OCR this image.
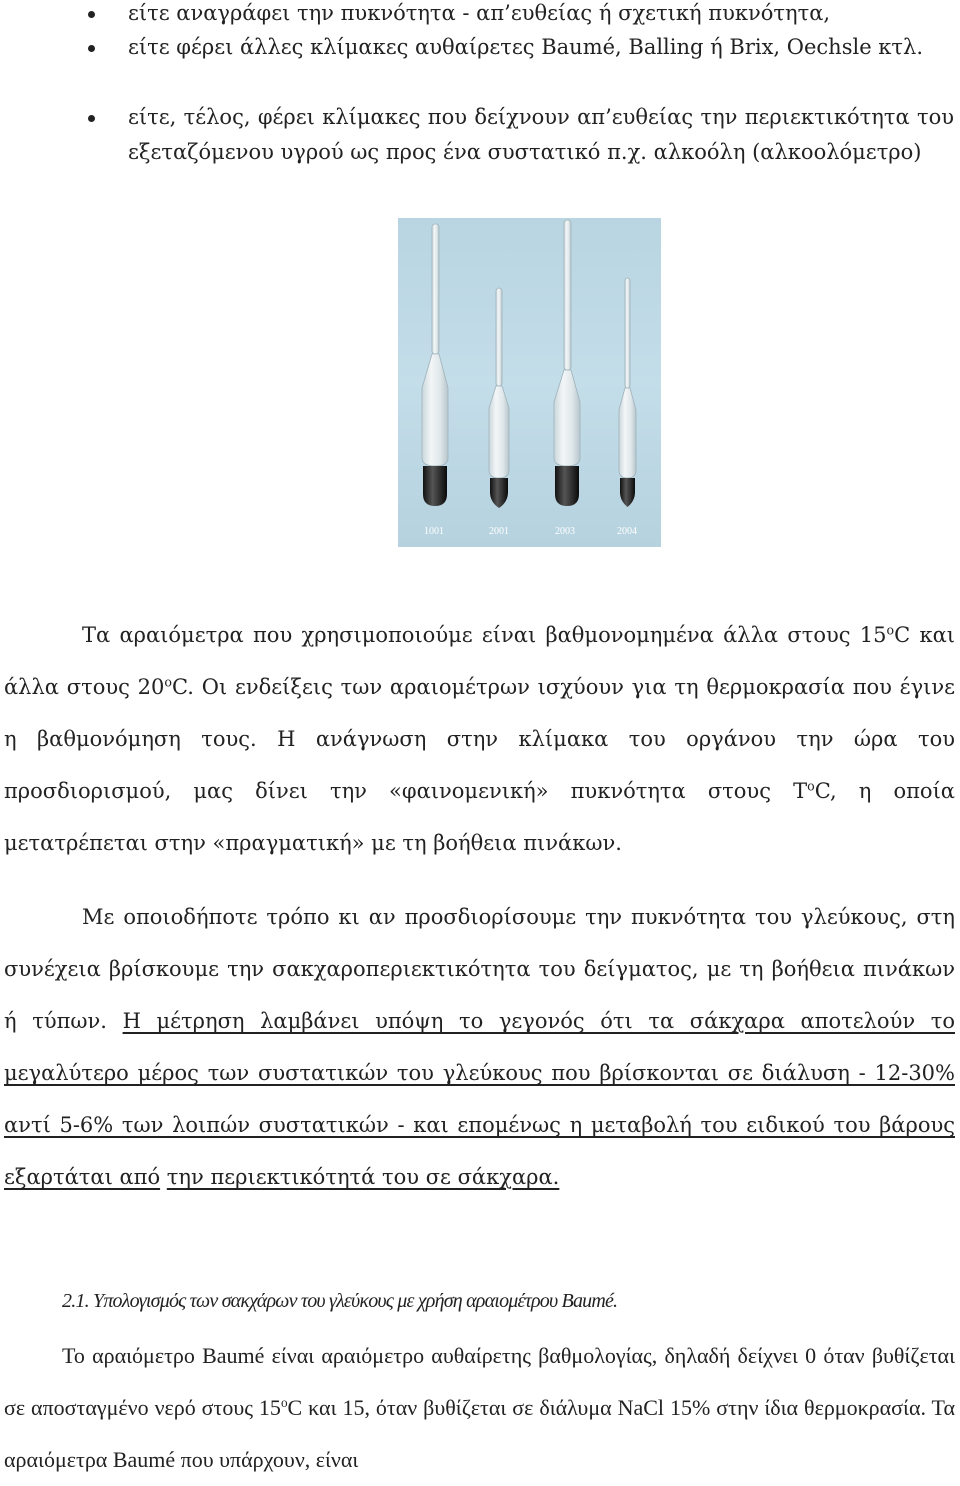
είτε αναγράφει την πυκνότητα - απ’ευθείας ή σχετική πυκνότητα,
είτε φέρει άλλες κλίμακες αυθαίρετες Baumé, Balling ή Brix, Oechsle κτλ.
είτε, τέλος, φέρει κλίμακες που δείχνουν απ’ευθείας την περιεκτικότητα του εξεταζόμενου υγρού ως προς ένα συστατικό π.χ. αλκοόλη (αλκοολόμετρο)
1001	2001	2003	2004

Τα αραιόμετρα που χρησιμοποιούμε είναι βαθμονομημένα άλλα στους 15$^o$C και άλλα στους 20$^o$C. Οι ενδείξεις των αραιομέτρων ισχύουν για τη θερμοκρασία που έγινε η βαθμονόμηση τους. Η ανάγνωση στην κλίμακα του οργάνου την ώρα του προσδιορισμού, μας δίνει την «φαινομενική» πυκνότητα στους $T^oC$, η οποία μετατρέπεται στην «πραγματική» με τη βοήθεια πινάκων.

Με οποιοδήποτε τρόπο κι αν προσδιορίσουμε την πυκνότητα του γλεύκους, στη συνέχεια βρίσκουμε την σακχαροπεριεκτικότητα του δείγματος, με τη βοήθεια πινάκων ή τύπων. Η μέτρηση λαμβάνει υπόψη το γεγονός ότι τα σάκχαρα αποτελούν το μεγαλύτερο μέρος των συστατικών του γλεύκους που βρίσκονται σε διάλυση - 12-30% αντί 5-6% των λοιπών συστατικών - και επομένως η μεταβολή του ειδικού του βάρους εξαρτάται από την περιεκτικότητά του σε σάκχαρα.

2.1. Υπολογισμός των σακχάρων του γλεύκους με χρήση αραιομέτρου Baumé.

Το αραιόμετρο Baumé είναι αραιόμετρο αυθαίρετης βαθμολογίας, δηλαδή δείχνει 0 όταν βυθίζεται σε αποσταγμένο νερό στους 15$^o$C και 15, όταν βυθίζεται σε διάλυμα NaCl 15% στην ίδια θερμοκρασία. Τα αραιόμετρα Baumé που υπάρχουν, είναι
